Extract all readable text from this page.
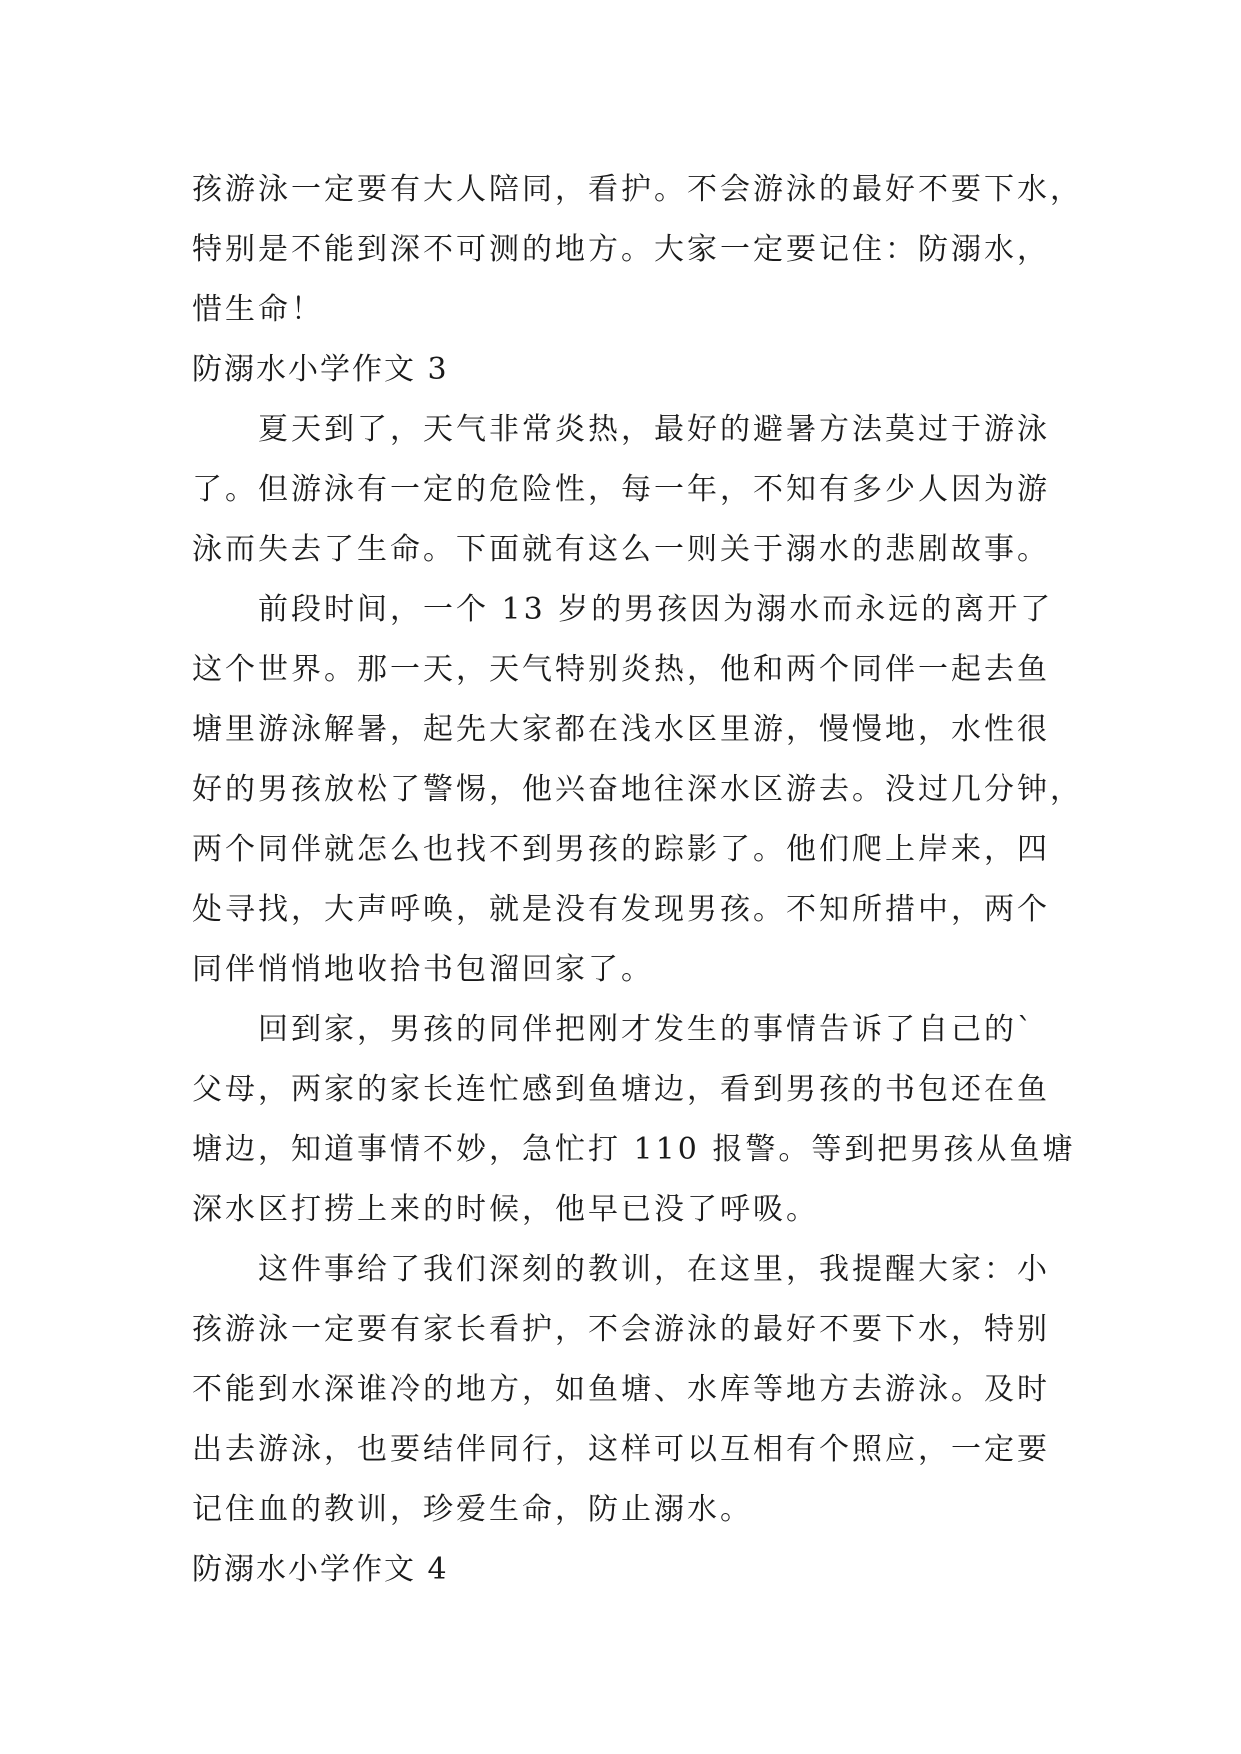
孩游泳一定要有大人陪同，看护。不会游泳的最好不要下水，
特别是不能到深不可测的地方。大家一定要记住：防溺水，
惜生命！
防溺水小学作文 3
夏天到了，天气非常炎热，最好的避暑方法莫过于游泳
了。但游泳有一定的危险性，每一年，不知有多少人因为游
泳而失去了生命。下面就有这么一则关于溺水的悲剧故事。
前段时间，一个 13 岁的男孩因为溺水而永远的离开了
这个世界。那一天，天气特别炎热，他和两个同伴一起去鱼
塘里游泳解暑，起先大家都在浅水区里游，慢慢地，水性很
好的男孩放松了警惕，他兴奋地往深水区游去。没过几分钟，
两个同伴就怎么也找不到男孩的踪影了。他们爬上岸来，四
处寻找，大声呼唤，就是没有发现男孩。不知所措中，两个
同伴悄悄地收拾书包溜回家了。
回到家，男孩的同伴把刚才发生的事情告诉了自己的`
父母，两家的家长连忙感到鱼塘边，看到男孩的书包还在鱼
塘边，知道事情不妙，急忙打 110 报警。等到把男孩从鱼塘
深水区打捞上来的时候，他早已没了呼吸。
这件事给了我们深刻的教训，在这里，我提醒大家：小
孩游泳一定要有家长看护，不会游泳的最好不要下水，特别
不能到水深谁冷的地方，如鱼塘、水库等地方去游泳。及时
出去游泳，也要结伴同行，这样可以互相有个照应，一定要
记住血的教训，珍爱生命，防止溺水。
防溺水小学作文 4
